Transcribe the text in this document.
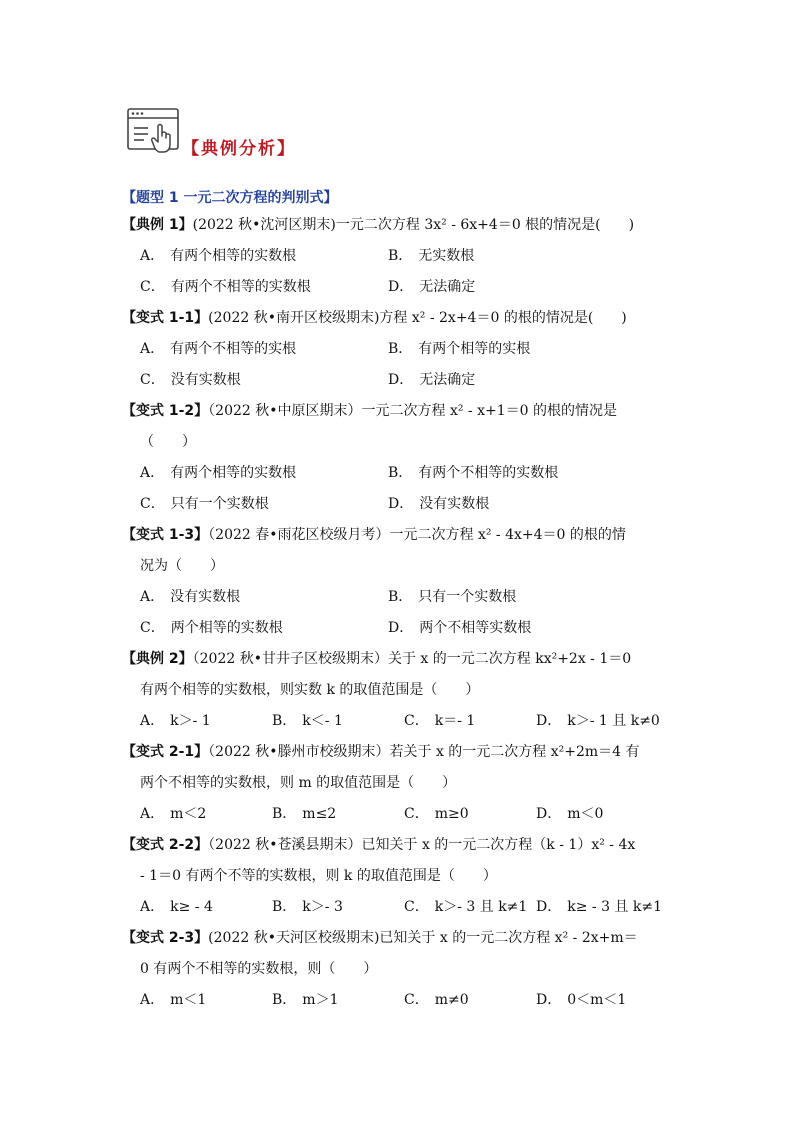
【典例分析】
【题型 1 一元二次方程的判别式】
【典例 1】(2022 秋•沈河区期末)一元二次方程 3x² - 6x+4＝0 根的情况是(　　)
A． 有两个相等的实数根	B． 无实数根
C． 有两个不相等的实数根	D． 无法确定
【变式 1-1】(2022 秋•南开区校级期末)方程 x² - 2x+4＝0 的根的情况是(　　)
A． 有两个不相等的实根	B． 有两个相等的实根
C． 没有实数根	D． 无法确定
【变式 1-2】（2022 秋•中原区期末）一元二次方程 x² - x+1＝0 的根的情况是
（　　）
A． 有两个相等的实数根	B． 有两个不相等的实数根
C． 只有一个实数根	D． 没有实数根
【变式 1-3】（2022 春•雨花区校级月考）一元二次方程 x² - 4x+4＝0 的根的情
况为（　　）
A． 没有实数根	B． 只有一个实数根
C． 两个相等的实数根	D． 两个不相等实数根
【典例 2】（2022 秋•甘井子区校级期末）关于 x 的一元二次方程 kx²+2x - 1＝0
有两个相等的实数根，则实数 k 的取值范围是（　　）
A． k＞- 1	B． k＜- 1	C． k＝- 1	D． k＞- 1 且 k≠0
【变式 2-1】（2022 秋•滕州市校级期末）若关于 x 的一元二次方程 x²+2m＝4 有
两个不相等的实数根，则 m 的取值范围是（　　）
A． m＜2	B． m≤2	C． m≥0	D． m＜0
【变式 2-2】（2022 秋•苍溪县期末）已知关于 x 的一元二次方程（k - 1）x² - 4x
- 1＝0 有两个不等的实数根，则 k 的取值范围是（　　）
A． k≥ - 4	B． k＞- 3	C． k＞- 3 且 k≠1 D． k≥ - 3 且 k≠1
【变式 2-3】(2022 秋•天河区校级期末)已知关于 x 的一元二次方程 x² - 2x+m＝
0 有两个不相等的实数根，则（　　）
A． m＜1	B． m＞1	C． m≠0	D． 0＜m＜1
